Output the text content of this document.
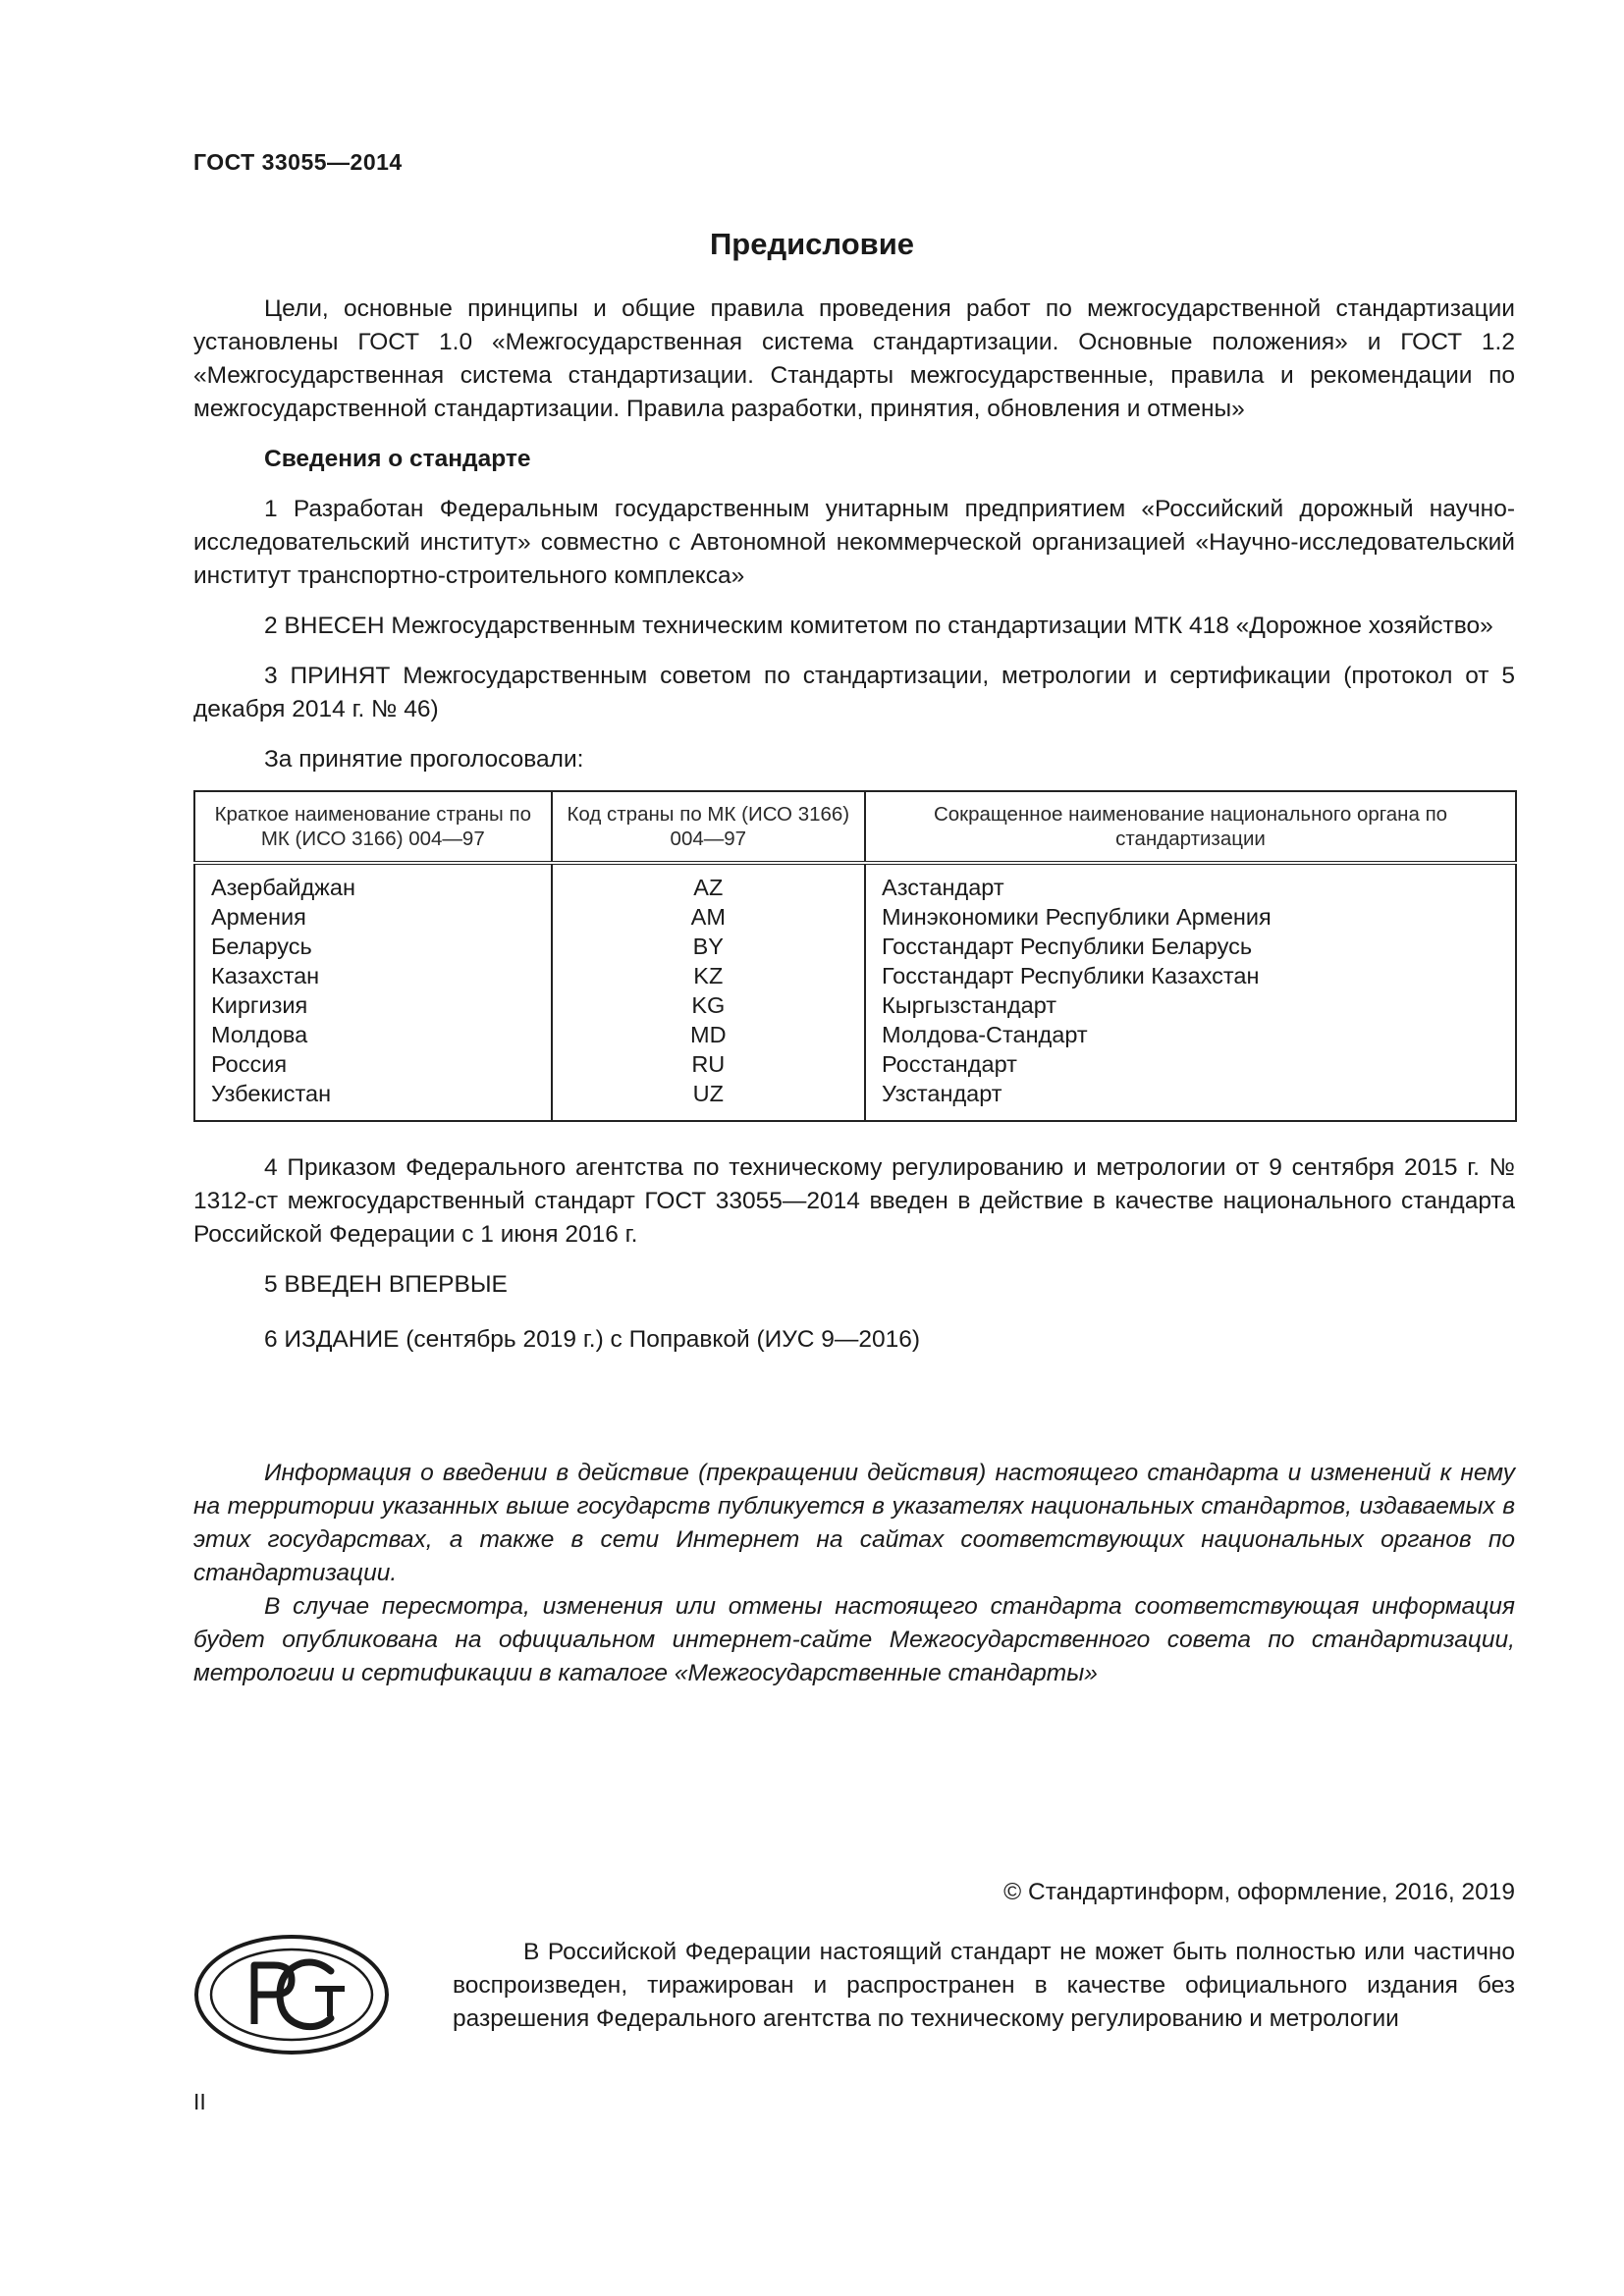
ГОСТ 33055—2014
Предисловие

Цели, основные принципы и общие правила проведения работ по межгосударственной стандартизации установлены ГОСТ 1.0 «Межгосударственная система стандартизации. Основные положения» и ГОСТ 1.2 «Межгосударственная система стандартизации. Стандарты межгосударственные, правила и рекомендации по межгосударственной стандартизации. Правила разработки, принятия, обновления и отмены»

Сведения о стандарте

1 Разработан Федеральным государственным унитарным предприятием «Российский дорожный научно-исследовательский институт» совместно с Автономной некоммерческой организацией «Научно-исследовательский институт транспортно-строительного комплекса»

2 ВНЕСЕН Межгосударственным техническим комитетом по стандартизации МТК 418 «Дорожное хозяйство»

3 ПРИНЯТ Межгосударственным советом по стандартизации, метрологии и сертификации (протокол от 5 декабря 2014 г. № 46)

За принятие проголосовали:

Краткое наименование страны по МК (ИСО 3166) 004—97	Код страны по МК (ИСО 3166) 004—97	Сокращенное наименование национального органа по стандартизации
Азербайджан	AZ	Азстандарт
Армения	AM	Минэкономики Республики Армения
Беларусь	BY	Госстандарт Республики Беларусь
Казахстан	KZ	Госстандарт Республики Казахстан
Киргизия	KG	Кыргызстандарт
Молдова	MD	Молдова-Стандарт
Россия	RU	Росстандарт
Узбекистан	UZ	Узстандарт

4 Приказом Федерального агентства по техническому регулированию и метрологии от 9 сентября 2015 г. № 1312-ст межгосударственный стандарт ГОСТ 33055—2014 введен в действие в качестве национального стандарта Российской Федерации с 1 июня 2016 г.

5 ВВЕДЕН ВПЕРВЫЕ

6 ИЗДАНИЕ (сентябрь 2019 г.) с Поправкой (ИУС 9—2016)

Информация о введении в действие (прекращении действия) настоящего стандарта и изменений к нему на территории указанных выше государств публикуется в указателях национальных стандартов, издаваемых в этих государствах, а также в сети Интернет на сайтах соответствующих национальных органов по стандартизации.

В случае пересмотра, изменения или отмены настоящего стандарта соответствующая информация будет опубликована на официальном интернет-сайте Межгосударственного совета по стандартизации, метрологии и сертификации в каталоге «Межгосударственные стандарты»

© Стандартинформ, оформление, 2016, 2019

В Российской Федерации настоящий стандарт не может быть полностью или частично воспроизведен, тиражирован и распространен в качестве официального издания без разрешения Федерального агентства по техническому регулированию и метрологии

II
